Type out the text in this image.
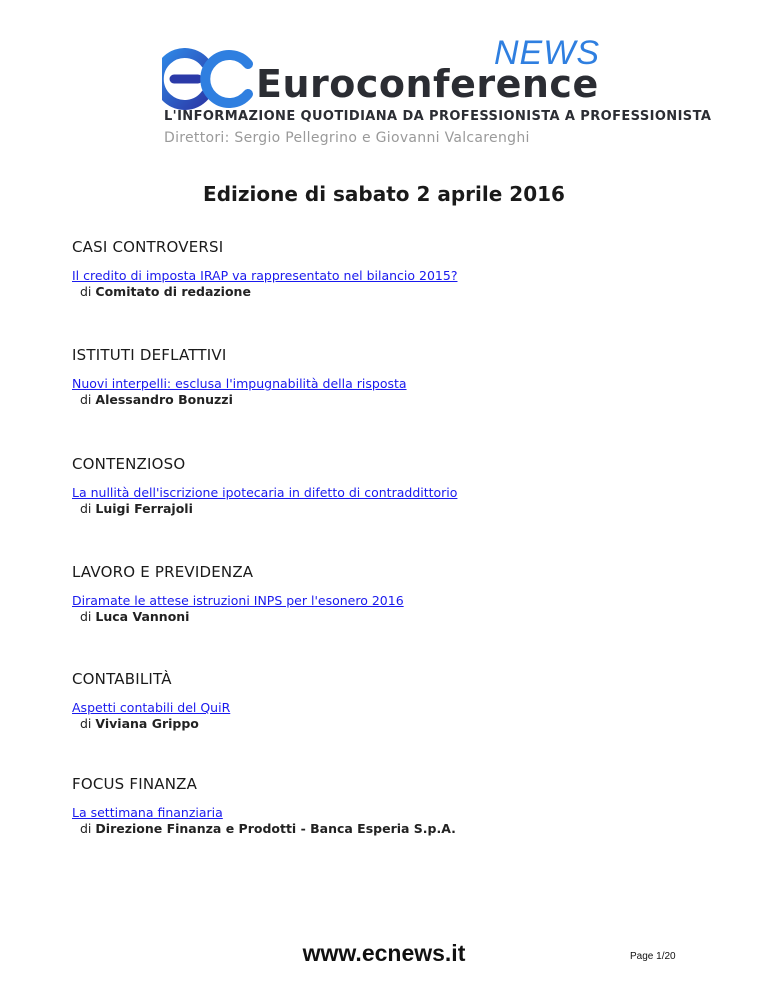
NEWS
Euroconference
L'INFORMAZIONE QUOTIDIANA DA PROFESSIONISTA A PROFESSIONISTA
Direttori: Sergio Pellegrino e Giovanni Valcarenghi
Edizione di sabato 2 aprile 2016
CASI CONTROVERSI
Il credito di imposta IRAP va rappresentato nel bilancio 2015?
di Comitato di redazione
ISTITUTI DEFLATTIVI
Nuovi interpelli: esclusa l'impugnabilità della risposta
di Alessandro Bonuzzi
CONTENZIOSO
La nullità dell'iscrizione ipotecaria in difetto di contraddittorio
di Luigi Ferrajoli
LAVORO E PREVIDENZA
Diramate le attese istruzioni INPS per l'esonero 2016
di Luca Vannoni
CONTABILITÀ
Aspetti contabili del QuiR
di Viviana Grippo
FOCUS FINANZA
La settimana finanziaria
di Direzione Finanza e Prodotti - Banca Esperia S.p.A.
www.ecnews.it	Page 1/20
